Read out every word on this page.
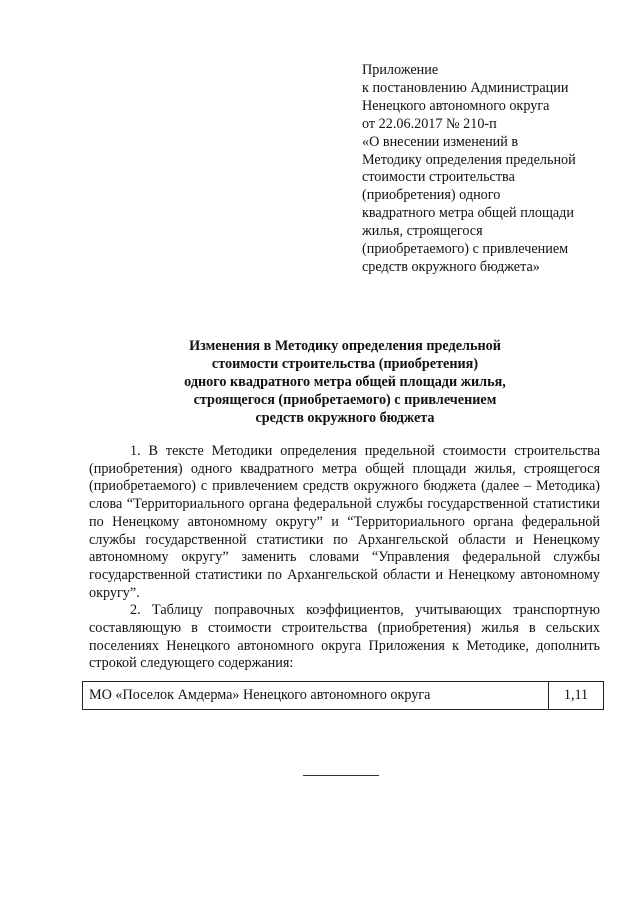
Приложение
к постановлению Администрации
Ненецкого автономного округа
от 22.06.2017 № 210-п
«О внесении изменений в
Методику определения предельной
стоимости строительства
(приобретения) одного
квадратного метра общей площади
жилья, строящегося
(приобретаемого) с привлечением
средств окружного бюджета»
Изменения в Методику определения предельной
стоимости строительства (приобретения)
одного квадратного метра общей площади жилья,
строящегося (приобретаемого) с привлечением
средств окружного бюджета

1. В тексте Методики определения предельной стоимости строительства (приобретения) одного квадратного метра общей площади жилья, строящегося (приобретаемого) с привлечением средств окружного бюджета (далее – Методика) слова “Территориального органа федеральной службы государственной статистики по Ненецкому автономному округу” и “Территориального органа федеральной службы государственной статистики по Архангельской области и Ненецкому автономному округу” заменить словами “Управления федеральной службы государственной статистики по Архангельской области и Ненецкому автономному округу”.

2. Таблицу поправочных коэффициентов, учитывающих транспортную составляющую в стоимости строительства (приобретения) жилья в сельских поселениях Ненецкого автономного округа Приложения к Методике, дополнить строкой следующего содержания:

МО «Поселок Амдерма» Ненецкого автономного округа	1,11
